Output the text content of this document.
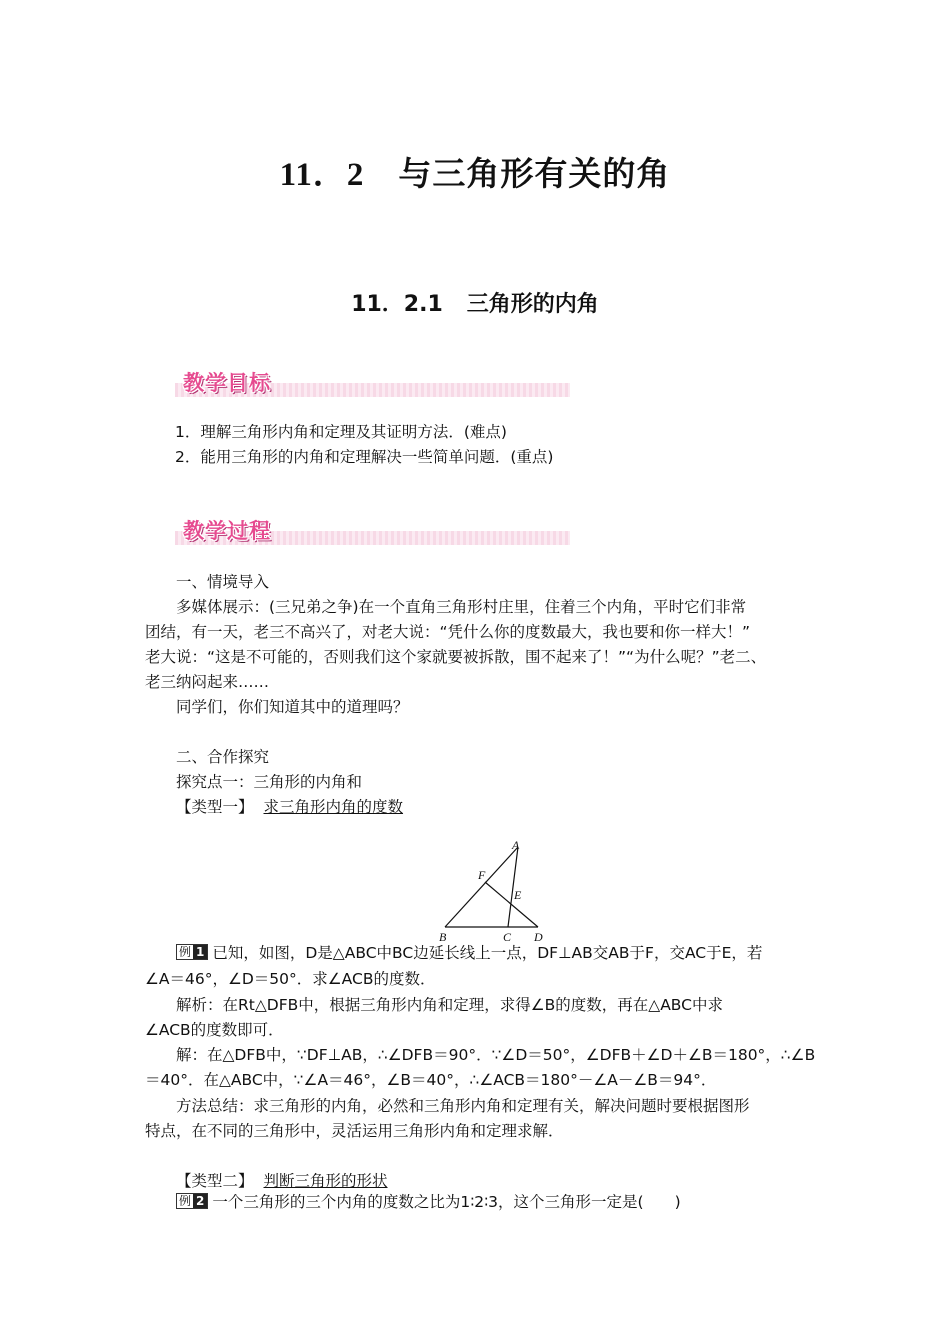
11．2 与三角形有关的角
11．2.1 三角形的内角
教学目标
1．理解三角形内角和定理及其证明方法．(难点)
2．能用三角形的内角和定理解决一些简单问题．(重点)
教学过程
一、情境导入
多媒体展示：(三兄弟之争)在一个直角三角形村庄里，住着三个内角，平时它们非常
团结，有一天，老三不高兴了，对老大说：“凭什么你的度数最大，我也要和你一样大！”
老大说：“这是不可能的，否则我们这个家就要被拆散，围不起来了！”“为什么呢？”老二、
老三纳闷起来……
同学们，你们知道其中的道理吗？
二、合作探究
探究点一：三角形的内角和
【类型一】 求三角形内角的度数
A
B	C D
E
F
例 1 已知，如图，D是△ABC中BC边延长线上一点，DF⊥AB交AB于F，交AC于E，若
∠A＝46°，∠D＝50°．求∠ACB的度数．
解析：在Rt△DFB中，根据三角形内角和定理，求得∠B的度数，再在△ABC中求
∠ACB的度数即可．
解：在△DFB中，∵DF⊥AB，∴∠DFB＝90°．∵∠D＝50°，∠DFB＋∠D＋∠B＝180°，∴∠B
＝40°．在△ABC中，∵∠A＝46°，∠B＝40°，∴∠ACB＝180°－∠A－∠B＝94°．
方法总结：求三角形的内角，必然和三角形内角和定理有关，解决问题时要根据图形
特点，在不同的三角形中，灵活运用三角形内角和定理求解．
【类型二】 判断三角形的形状
例 2 一个三角形的三个内角的度数之比为1∶2∶3，这个三角形一定是(　　)
